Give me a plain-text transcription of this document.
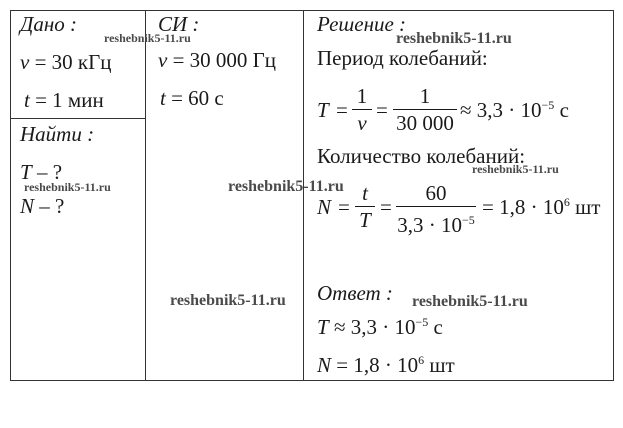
Дано :
ν = 30 кГц
t = 1 мин
Найти :
T – ?
N – ?
СИ :
ν = 30 000 Гц
t = 60 с
Решение :
Период колебаний:
T =
1
ν
=
1
30 000
≈ $3,3 \cdot 10^{-5}$ с
Количество колебаний:
N =
t
T
=
60
$3,3 \cdot 10^{-5}$
= $1,8 \cdot 10^6$ шт
Ответ :
$T \approx 3,3 \cdot 10^{-5}$ с
$N = 1,8 \cdot 10^6$ шт
reshebnik5-11.ru	reshebnik5-11.ru
reshebnik5-11.ru	reshebnik5-11.ru
reshebnik5-11.ru
reshebnik5-11.ru	reshebnik5-11.ru
